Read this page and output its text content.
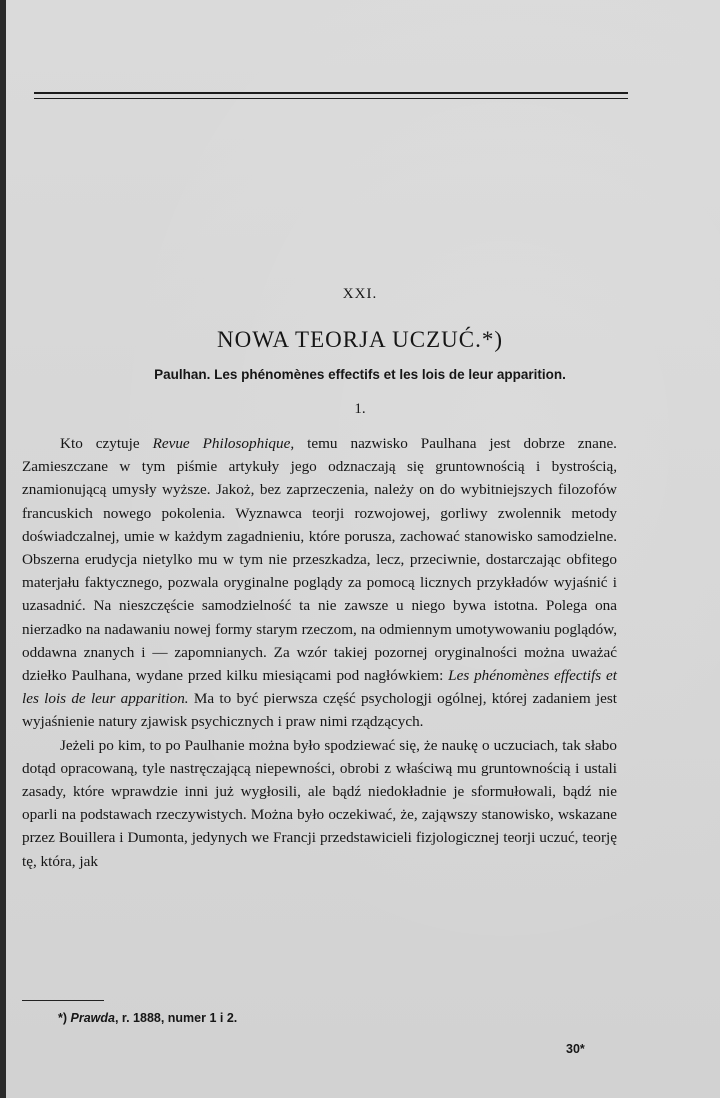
XXI.
NOWA TEORJA UCZUĆ.*)
Paulhan. Les phénomènes effectifs et les lois de leur apparition.
1.

Kto czytuje Revue Philosophique, temu nazwisko Paulhana jest dobrze znane. Zamieszczane w tym piśmie artykuły jego odznaczają się gruntownością i bystrością, znamionującą umysły wyższe. Jakoż, bez zaprzeczenia, należy on do wybitniejszych filozofów francuskich nowego pokolenia. Wyznawca teorji rozwojowej, gorliwy zwolennik metody doświadczalnej, umie w każdym zagadnieniu, które porusza, zachować stanowisko samodzielne. Obszerna erudycja nietylko mu w tym nie przeszkadza, lecz, przeciwnie, dostarczając obfitego materjału faktycznego, pozwala oryginalne poglądy za pomocą licznych przykładów wyjaśnić i uzasadnić. Na nieszczęście samodzielność ta nie zawsze u niego bywa istotna. Polega ona nierzadko na nadawaniu nowej formy starym rzeczom, na odmiennym umotywowaniu poglądów, oddawna znanych i — zapomnianych. Za wzór takiej pozornej oryginalności można uważać dziełko Paulhana, wydane przed kilku miesiącami pod nagłówkiem: Les phénomènes effectifs et les lois de leur apparition. Ma to być pierwsza część psychologji ogólnej, której zadaniem jest wyjaśnienie natury zjawisk psychicznych i praw nimi rządzących.

Jeżeli po kim, to po Paulhanie można było spodziewać się, że naukę o uczuciach, tak słabo dotąd opracowaną, tyle nastręczającą niepewności, obrobi z właściwą mu gruntownością i ustali zasady, które wprawdzie inni już wygłosili, ale bądź niedokładnie je sformułowali, bądź nie oparli na podstawach rzeczywistych. Można było oczekiwać, że, zająwszy stanowisko, wskazane przez Bouillera i Dumonta, jedynych we Francji przedstawicieli fizjologicznej teorji uczuć, teorję tę, która, jak

*) Prawda, r. 1888, numer 1 i 2.
30*
